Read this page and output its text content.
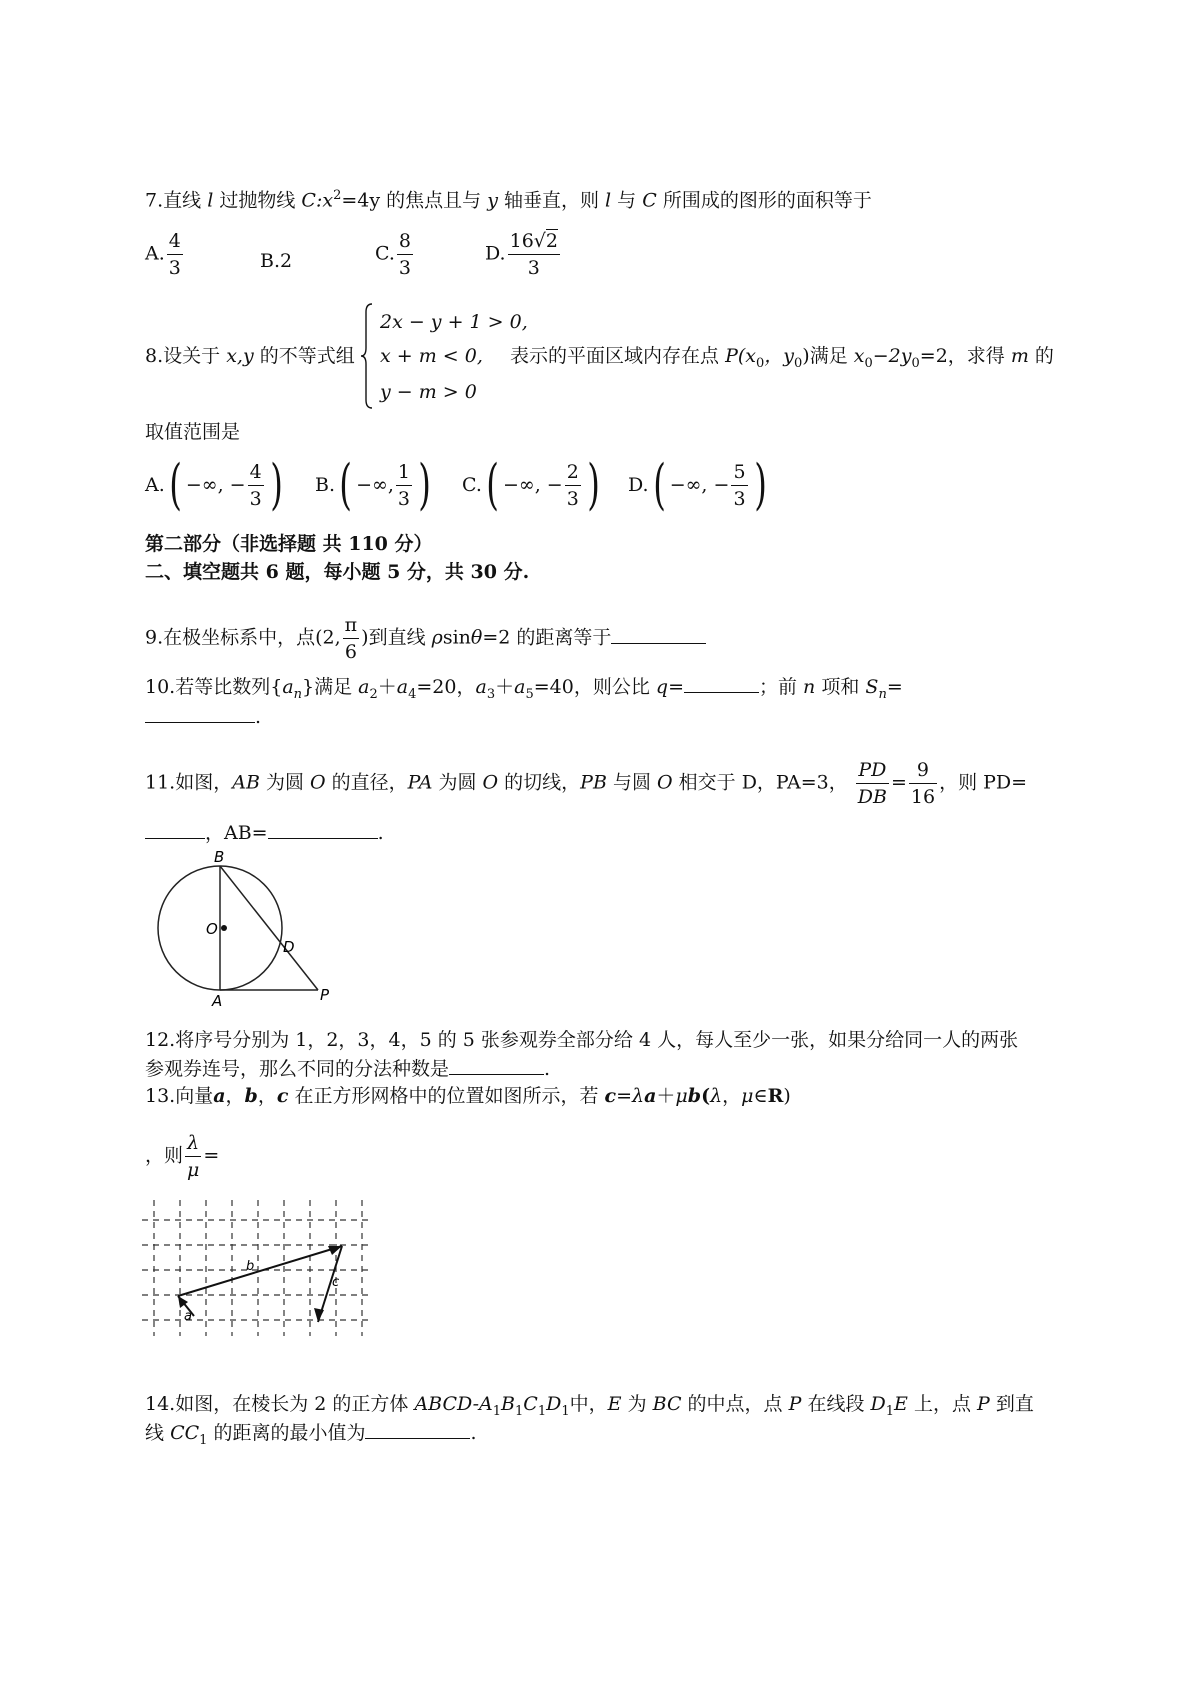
7.直线 l 过抛物线 $C:x^2=4y$ 的焦点且与 y 轴垂直，则 l 与 C 所围成的图形的面积等于
A. $\frac{4}{3}$	B.2	C. $\frac{8}{3}$	D. $\frac{16√2}{3}$
8.设关于 x,y 的不等式组
2x − y + 1 > 0,
x + m < 0,
y − m > 0
表示的平面区域内存在点 $P(x_0$，$y_0$)满足 $x_0-2y_0=2$，求得 m 的
取值范围是
A.( −∞, − $\frac{4}{3}$ ) B.( −∞, $\frac{1}{3}$ ) C.( −∞, − $\frac{2}{3}$ ) D.( −∞, − $\frac{5}{3}$ )
第二部分（非选择题 共 110 分）
二、填空题共 6 题，每小题 5 分，共 30 分.
9.在极坐标系中，点(2, $\frac{\pi}{6}$ )到直线 ρsinθ=2 的距离等于
10.若等比数列$\{a_n\}$满足 $a_2+a_4=20$，$a_3+a_5=40$，则公比 q=	；前 n 项和 $S_n=$
.
11.如图，AB 为圆 O 的直径，PA 为圆 O 的切线，PB 与圆 O 相交于 D，PA=3， $\frac{PD}{DB} = \frac{9}{16}$ ，则 PD=
，AB=	.
B
O
D
A	P
12.将序号分别为 1，2，3，4，5 的 5 张参观券全部分给 4 人，每人至少一张，如果分给同一人的两张
参观券连号，那么不同的分法种数是	.
13.向量a，b，c 在正方形网格中的位置如图所示，若 c=λa＋μb(λ，μ∈R)
，则 $\frac{\lambda}{\mu}$ =
a
b
c
14.如图，在棱长为 2 的正方体 ABCD-$A_1B_1C_1D_1$中，E 为 BC 的中点，点 P 在线段 $D_1E$ 上，点 P 到直
线 $CC_1$ 的距离的最小值为	.
